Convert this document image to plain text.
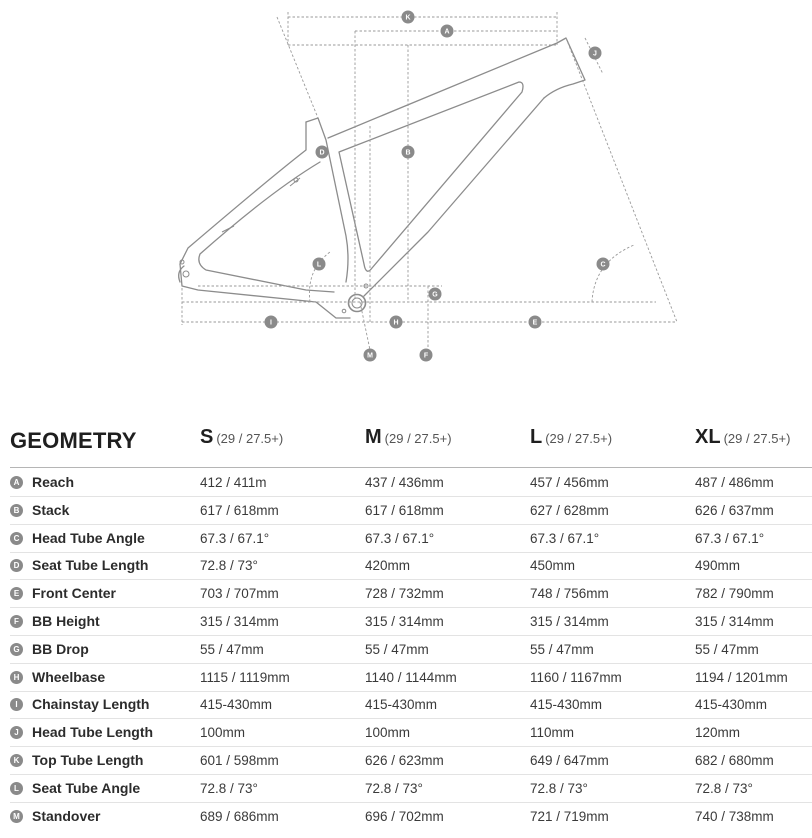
K
A
J
D	B
C
L
G
I	H	E
M	F
GEOMETRY	S (29 / 27.5+)	M (29 / 27.5+)	L (29 / 27.5+)	XL (29 / 27.5+)
A Reach	412 / 411m	437 / 436mm	457 / 456mm	487 / 486mm
B Stack	617 / 618mm	617 / 618mm	627 / 628mm	626 / 637mm
C Head Tube Angle	67.3 / 67.1°	67.3 / 67.1°	67.3 / 67.1°	67.3 / 67.1°
D Seat Tube Length	72.8 / 73°	420mm	450mm	490mm
E Front Center	703 / 707mm	728 / 732mm	748 / 756mm	782 / 790mm
F BB Height	315 / 314mm	315 / 314mm	315 / 314mm	315 / 314mm
G BB Drop	55 / 47mm	55 / 47mm	55 / 47mm	55 / 47mm
H Wheelbase	1115 / 1119mm	1140 / 1144mm	1160 / 1167mm	1194 / 1201mm
I	Chainstay Length	415-430mm	415-430mm	415-430mm	415-430mm
J Head Tube Length	100mm	100mm	110mm	120mm
K Top Tube Length	601 / 598mm	626 / 623mm	649 / 647mm	682 / 680mm
L Seat Tube Angle	72.8 / 73°	72.8 / 73°	72.8 / 73°	72.8 / 73°
M Standover	689 / 686mm	696 / 702mm	721 / 719mm	740 / 738mm
